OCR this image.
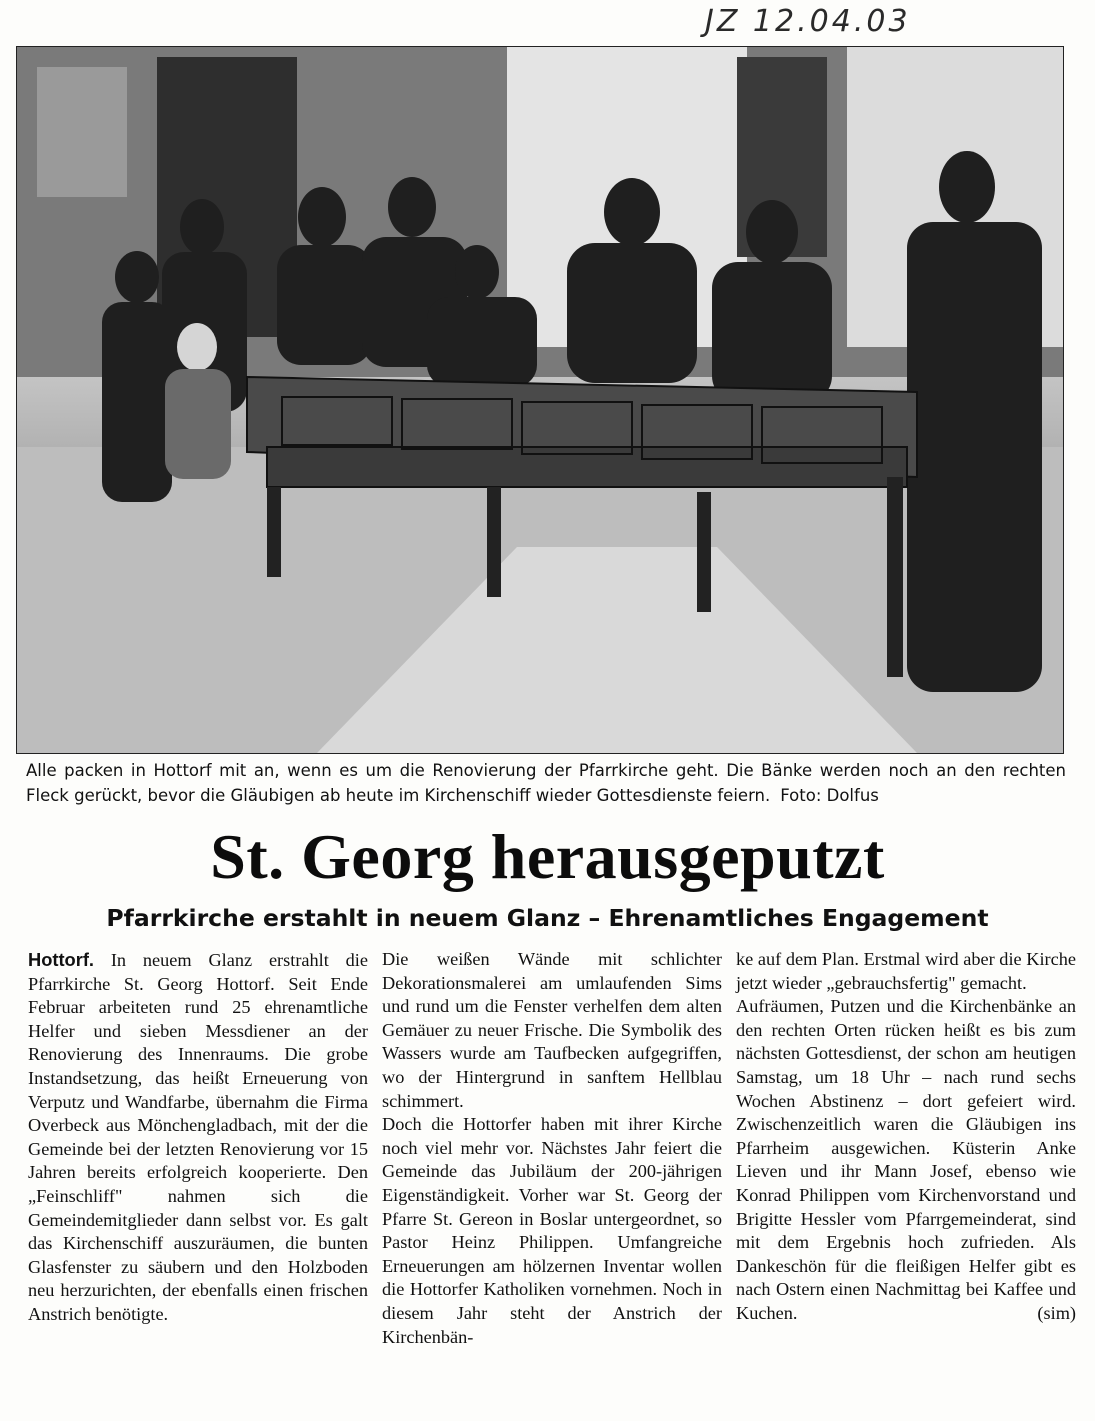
JZ 12.04.03
Alle packen in Hottorf mit an, wenn es um die Renovierung der Pfarrkirche geht. Die Bänke werden noch an den rechten Fleck gerückt, bevor die Gläubigen ab heute im Kirchenschiff wieder Gottesdienste feiern. Foto: Dolfus
St. Georg herausgeputzt
Pfarrkirche erstahlt in neuem Glanz – Ehrenamtliches Engagement

Hottorf. In neuem Glanz erstrahlt die Pfarrkirche St. Georg Hottorf. Seit Ende Februar arbeiteten rund 25 ehrenamtliche Helfer und sieben Messdiener an der Renovierung des Innenraums. Die grobe Instandsetzung, das heißt Erneuerung von Verputz und Wandfarbe, übernahm die Firma Overbeck aus Mönchengladbach, mit der die Gemeinde bei der letzten Renovierung vor 15 Jahren bereits erfolgreich kooperierte. Den „Feinschliff" nahmen sich die Gemeindemitglieder dann selbst vor. Es galt das Kirchenschiff auszuräumen, die bunten Glasfenster zu säubern und den Holzboden neu herzurichten, der ebenfalls einen frischen Anstrich benötigte.

Die weißen Wände mit schlichter Dekorationsmalerei am umlaufenden Sims und rund um die Fenster verhelfen dem alten Gemäuer zu neuer Frische. Die Symbolik des Wassers wurde am Taufbecken aufgegriffen, wo der Hintergrund in sanftem Hellblau schimmert.

Doch die Hottorfer haben mit ihrer Kirche noch viel mehr vor. Nächstes Jahr feiert die Gemeinde das Jubiläum der 200-jährigen Eigenständigkeit. Vorher war St. Georg der Pfarre St. Gereon in Boslar untergeordnet, so Pastor Heinz Philippen. Umfangreiche Erneuerungen am hölzernen Inventar wollen die Hottorfer Katholiken vornehmen. Noch in diesem Jahr steht der Anstrich der Kirchenbän-

ke auf dem Plan. Erstmal wird aber die Kirche jetzt wieder „gebrauchsfertig" gemacht.

Aufräumen, Putzen und die Kirchenbänke an den rechten Orten rücken heißt es bis zum nächsten Gottesdienst, der schon am heutigen Samstag, um 18 Uhr – nach rund sechs Wochen Abstinenz – dort gefeiert wird. Zwischenzeitlich waren die Gläubigen ins Pfarrheim ausgewichen. Küsterin Anke Lieven und ihr Mann Josef, ebenso wie Konrad Philippen vom Kirchenvorstand und Brigitte Hessler vom Pfarrgemeinderat, sind mit dem Ergebnis hoch zufrieden. Als Dankeschön für die fleißigen Helfer gibt es nach Ostern einen Nachmittag bei Kaffee und Kuchen.	(sim)
